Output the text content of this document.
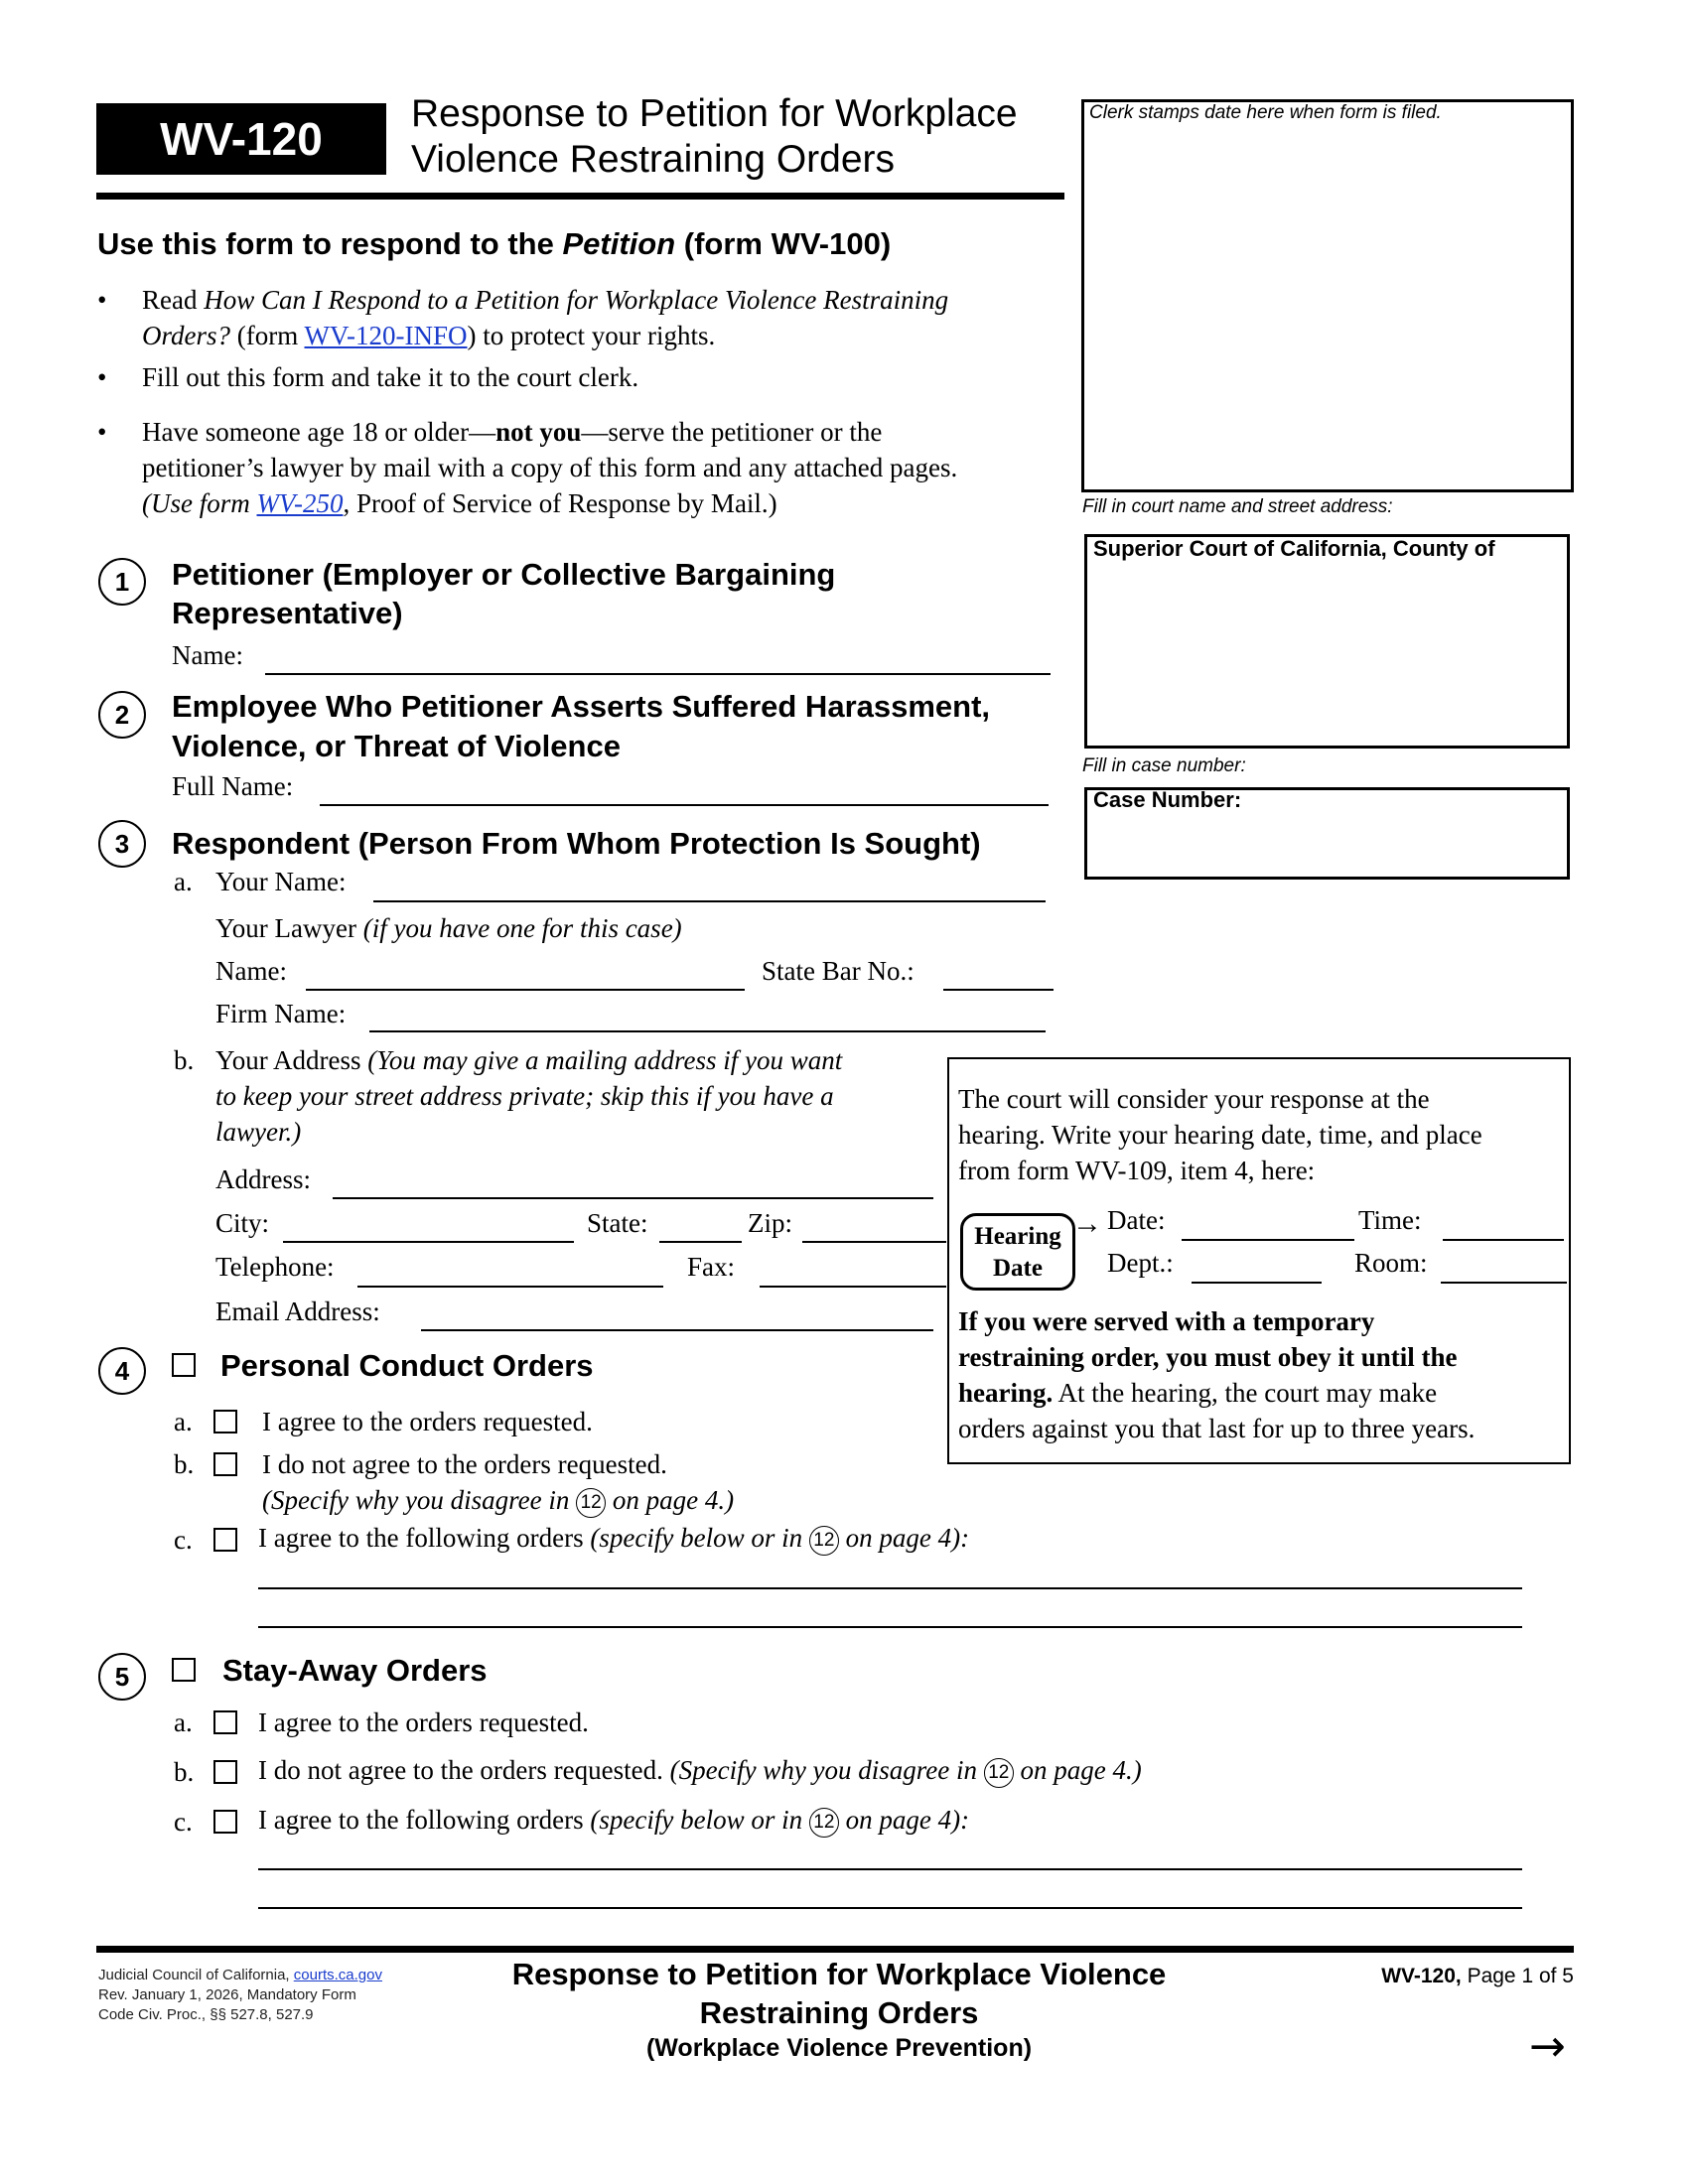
WV-120	Response to Petition for Workplace
Violence Restraining Orders
Clerk stamps date here when form is filed.
Fill in court name and street address:
Superior Court of California, County of
Fill in case number:
Case Number:
Use this form to respond to the Petition (form WV-100)
• Read How Can I Respond to a Petition for Workplace Violence Restraining
Orders? (form WV-120-INFO) to protect your rights.
• Fill out this form and take it to the court clerk.
• Have someone age 18 or older—not you—serve the petitioner or the
petitioner’s lawyer by mail with a copy of this form and any attached pages.
(Use form WV-250, Proof of Service of Response by Mail.)
1	Petitioner (Employer or Collective Bargaining
Representative)
Name:
2	Employee Who Petitioner Asserts Suffered Harassment,
Violence, or Threat of Violence
Full Name:
3	Respondent (Person From Whom Protection Is Sought)
a. Your Name:
Your Lawyer (if you have one for this case)
Name:	State Bar No.:
Firm Name:
b. Your Address (You may give a mailing address if you want
to keep your street address private; skip this if you have a
lawyer.)
Address:
City:	State:	Zip:
Telephone:	Fax:
Email Address:
The court will consider your response at the
hearing. Write your hearing date, time, and place
from form WV-109, item 4, here:
Hearing
Date
→ Date:	Time:
Dept.:	Room:
If you were served with a temporary
restraining order, you must obey it until the
hearing. At the hearing, the court may make
orders against you that last for up to three years.
4	Personal Conduct Orders
a.	I agree to the orders requested.
b.	I do not agree to the orders requested.
(Specify why you disagree in 12 on page 4.)
c. I agree to the following orders (specify below or in 12 on page 4):
5	Stay-Away Orders
a. I agree to the orders requested.
b. I do not agree to the orders requested. (Specify why you disagree in 12 on page 4.)
c. I agree to the following orders (specify below or in 12 on page 4):
Judicial Council of California, courts.ca.gov
Rev. January 1, 2026, Mandatory Form
Code Civ. Proc., §§ 527.8, 527.9
Response to Petition for Workplace Violence
Restraining Orders
(Workplace Violence Prevention)
WV-120, Page 1 of 5
→
